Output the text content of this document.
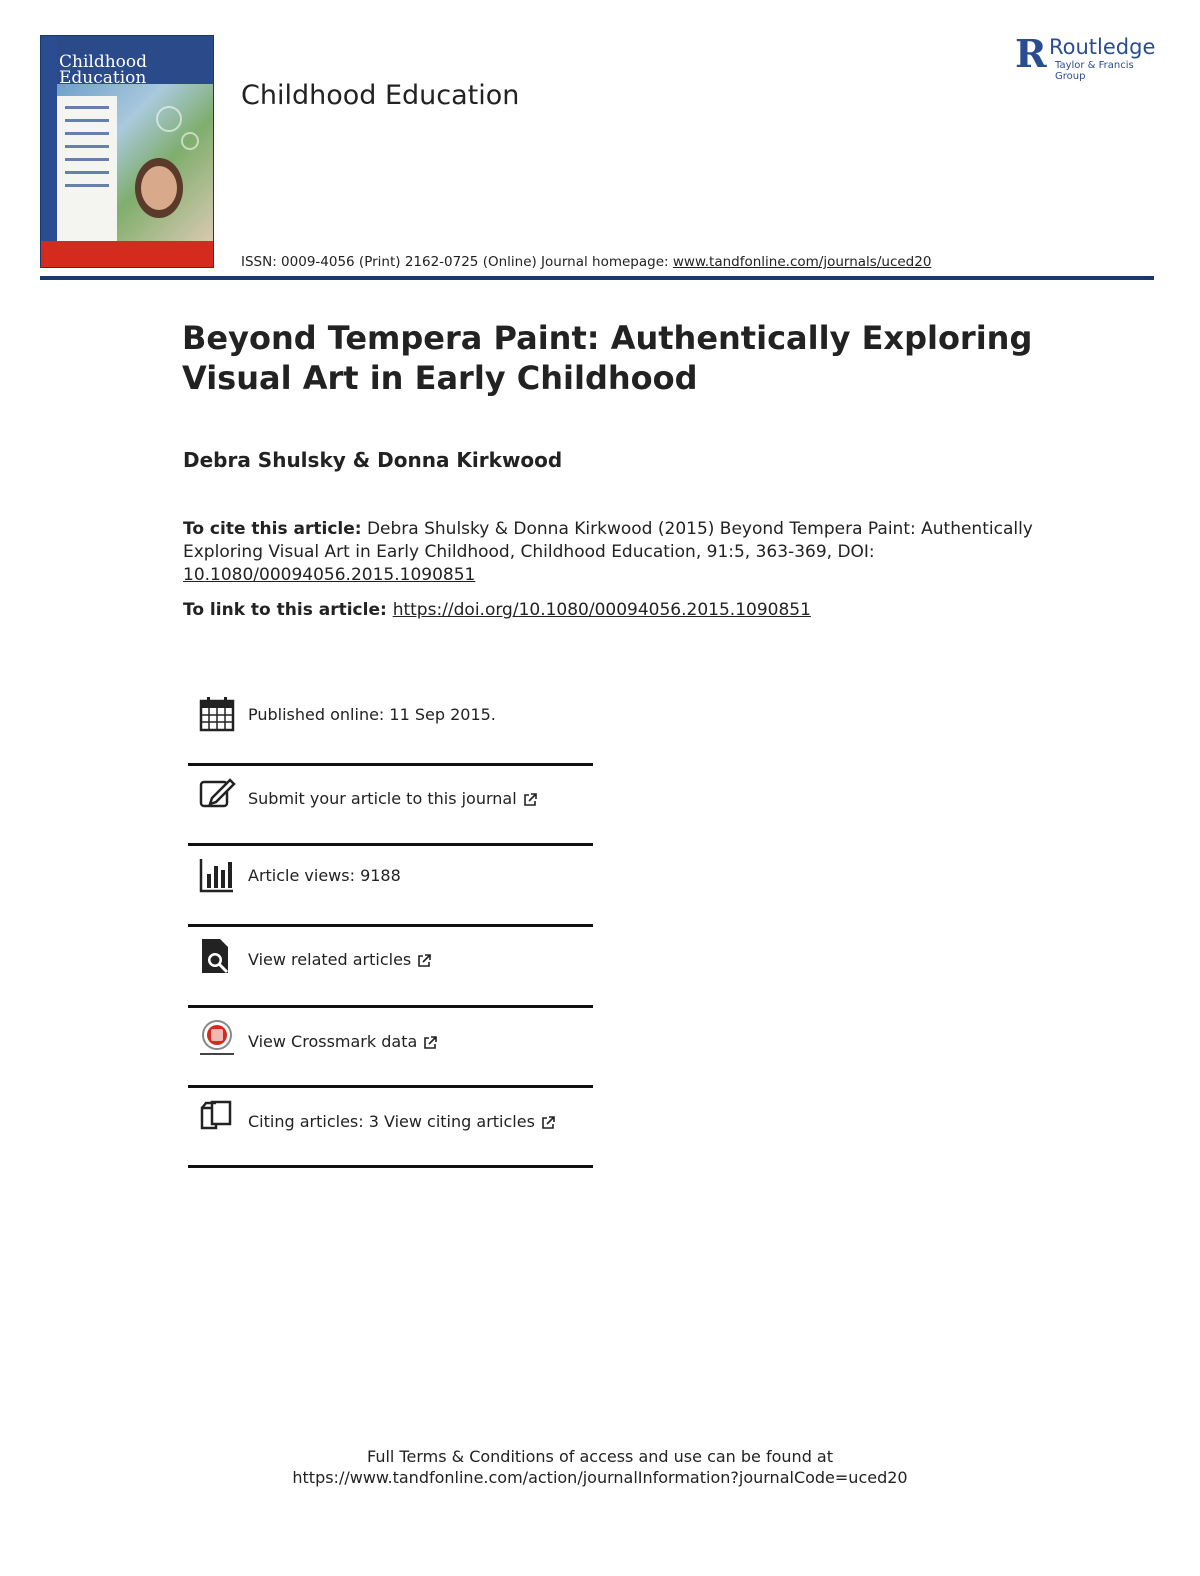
Childhood
Education
Childhood Education
R Routledge
Taylor & Francis Group
ISSN: 0009-4056 (Print) 2162-0725 (Online) Journal homepage: www.tandfonline.com/journals/uced20
Beyond Tempera Paint: Authentically Exploring Visual Art in Early Childhood
Debra Shulsky & Donna Kirkwood
To cite this article: Debra Shulsky & Donna Kirkwood (2015) Beyond Tempera Paint: Authentically Exploring Visual Art in Early Childhood, Childhood Education, 91:5, 363-369, DOI: 10.1080/00094056.2015.1090851
To link to this article: https://doi.org/10.1080/00094056.2015.1090851
Published online: 11 Sep 2015.
Submit your article to this journal
Article views: 9188
View related articles
View Crossmark data
Citing articles: 3 View citing articles
Full Terms & Conditions of access and use can be found at
https://www.tandfonline.com/action/journalInformation?journalCode=uced20
